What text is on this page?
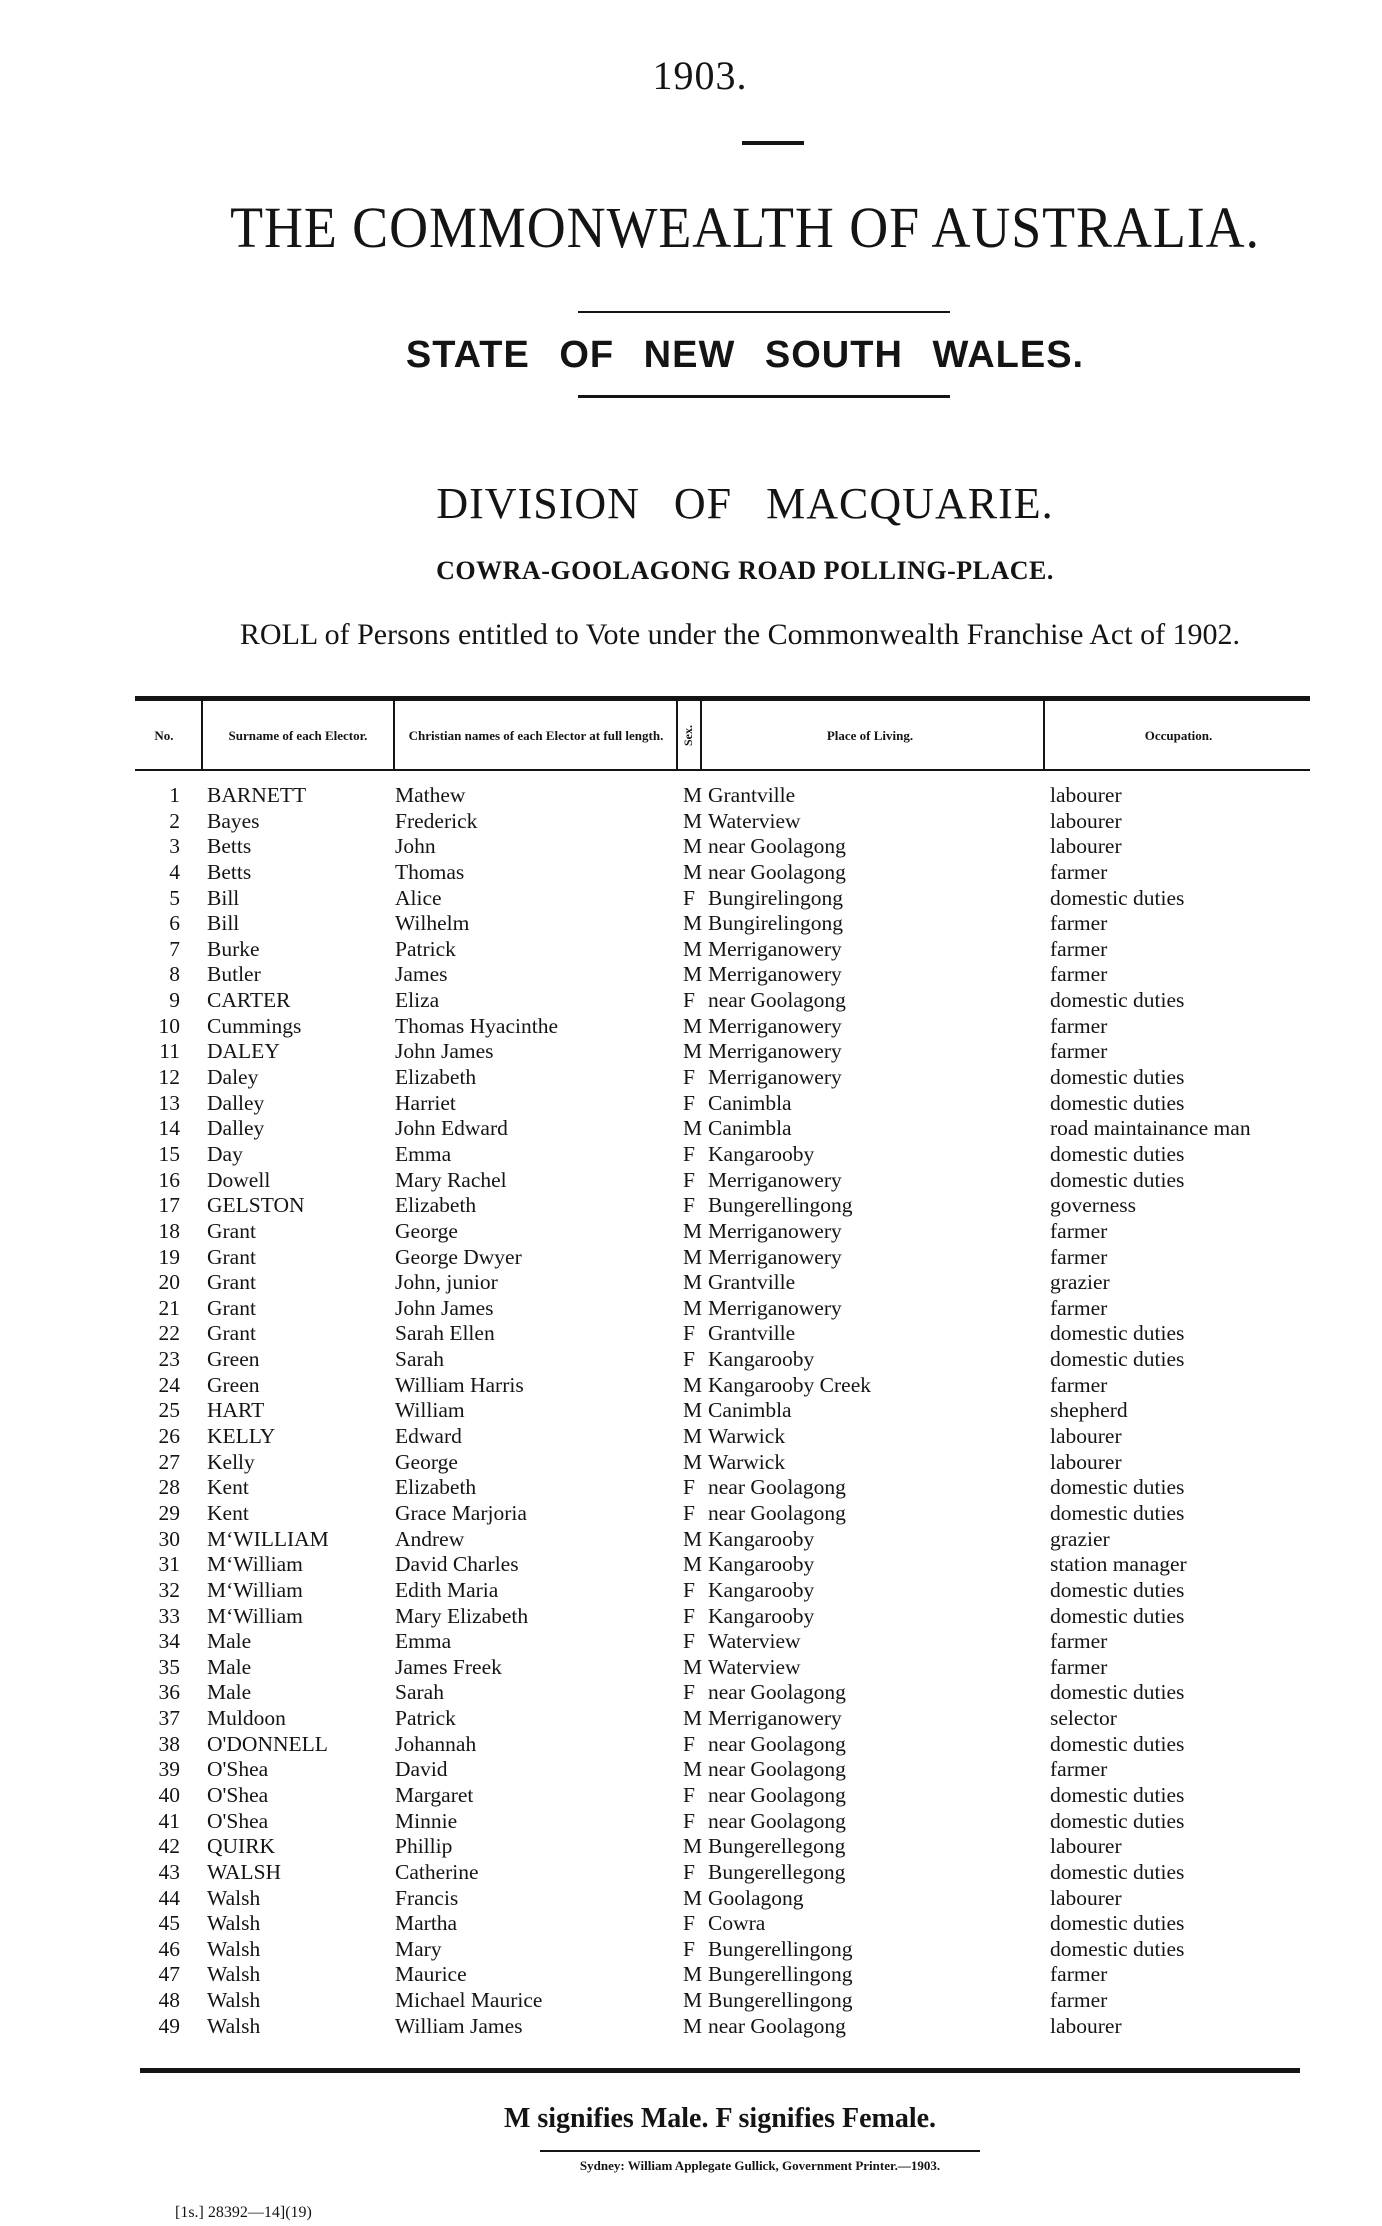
1903.
THE COMMONWEALTH OF AUSTRALIA.
STATE OF NEW SOUTH WALES.
DIVISION OF MACQUARIE.
COWRA-GOOLAGONG ROAD POLLING-PLACE.
ROLL of Persons entitled to Vote under the Commonwealth Franchise Act of 1902.
No.	Surname of each Elector.	Christian names of each Elector at full length.	Sex.	Place of Living.	Occupation.
1 BARNETT	Mathew	M Grantville	labourer
2 Bayes	Frederick	M Waterview	labourer
3 Betts	John	M near Goolagong	labourer
4 Betts	Thomas	M near Goolagong	farmer
5 Bill	Alice	F Bungirelingong	domestic duties
6 Bill	Wilhelm	M Bungirelingong	farmer
7 Burke	Patrick	M Merriganowery	farmer
8 Butler	James	M Merriganowery	farmer
9 CARTER	Eliza	F near Goolagong	domestic duties
10 Cummings	Thomas Hyacinthe	M Merriganowery	farmer
11 DALEY	John James	M Merriganowery	farmer
12 Daley	Elizabeth	F Merriganowery	domestic duties
13 Dalley	Harriet	F Canimbla	domestic duties
14 Dalley	John Edward	M Canimbla	road maintainance man
15 Day	Emma	F Kangarooby	domestic duties
16 Dowell	Mary Rachel	F Merriganowery	domestic duties
17 GELSTON	Elizabeth	F Bungerellingong	governess
18 Grant	George	M Merriganowery	farmer
19 Grant	George Dwyer	M Merriganowery	farmer
20 Grant	John, junior	M Grantville	grazier
21 Grant	John James	M Merriganowery	farmer
22 Grant	Sarah Ellen	F Grantville	domestic duties
23 Green	Sarah	F Kangarooby	domestic duties
24 Green	William Harris	M Kangarooby Creek	farmer
25 HART	William	M Canimbla	shepherd
26 KELLY	Edward	M Warwick	labourer
27 Kelly	George	M Warwick	labourer
28 Kent	Elizabeth	F near Goolagong	domestic duties
29 Kent	Grace Marjoria	F near Goolagong	domestic duties
30 M‘WILLIAM	Andrew	M Kangarooby	grazier
31 M‘William	David Charles	M Kangarooby	station manager
32 M‘William	Edith Maria	F Kangarooby	domestic duties
33 M‘William	Mary Elizabeth	F Kangarooby	domestic duties
34 Male	Emma	F Waterview	farmer
35 Male	James Freek	M Waterview	farmer
36 Male	Sarah	F near Goolagong	domestic duties
37 Muldoon	Patrick	M Merriganowery	selector
38 O'DONNELL	Johannah	F near Goolagong	domestic duties
39 O'Shea	David	M near Goolagong	farmer
40 O'Shea	Margaret	F near Goolagong	domestic duties
41 O'Shea	Minnie	F near Goolagong	domestic duties
42 QUIRK	Phillip	M Bungerellegong	labourer
43 WALSH	Catherine	F Bungerellegong	domestic duties
44 Walsh	Francis	M Goolagong	labourer
45 Walsh	Martha	F Cowra	domestic duties
46 Walsh	Mary	F Bungerellingong	domestic duties
47 Walsh	Maurice	M Bungerellingong	farmer
48 Walsh	Michael Maurice	M Bungerellingong	farmer
49 Walsh	William James	M near Goolagong	labourer
M signifies Male. F signifies Female.
Sydney: William Applegate Gullick, Government Printer.—1903.
[1s.] 28392—14](19)
